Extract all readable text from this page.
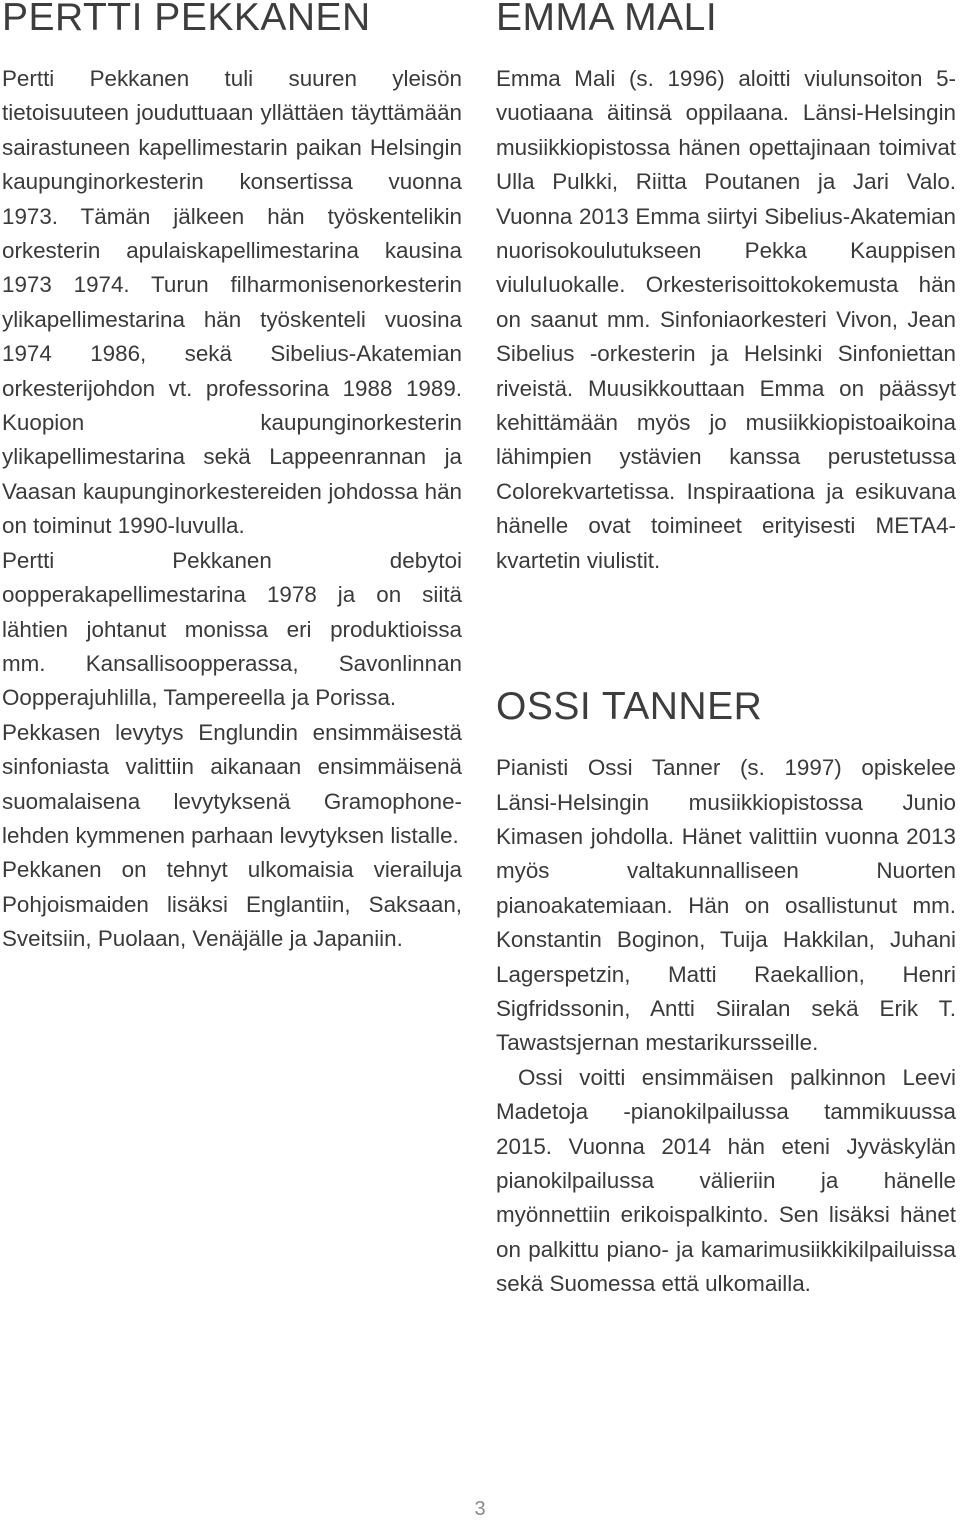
PERTTI PEKKANEN

Pertti Pekkanen tuli suuren yleisön tietoisuuteen jouduttuaan yllättäen täyttämään sairastuneen kapellimestarin paikan Helsingin kaupunginorkesterin konsertissa vuonna 1973. Tämän jälkeen hän työskentelikin orkesterin apulaiskapellimestarina kausina 1973 1974. Turun filharmonisenorkesterin ylikapellimestarina hän työskenteli vuosina 1974 1986, sekä Sibelius-Akatemian orkesterijohdon vt. professorina 1988 1989. Kuopion kaupunginorkesterin ylikapellimestarina sekä Lappeenrannan ja Vaasan kaupunginorkestereiden johdossa hän on toiminut 1990-luvulla.

Pertti Pekkanen debytoi oopperakapellimestarina 1978 ja on siitä lähtien johtanut monissa eri produktioissa mm. Kansallisoopperassa, Savonlinnan Oopperajuhlilla, Tampereella ja Porissa.

Pekkasen levytys Englundin ensimmäisestä sinfoniasta valittiin aikanaan ensimmäisenä suomalaisena levytyksenä Gramophone-lehden kymmenen parhaan levytyksen listalle.

Pekkanen on tehnyt ulkomaisia vierailuja Pohjoismaiden lisäksi Englantiin, Saksaan, Sveitsiin, Puolaan, Venäjälle ja Japaniin.

EMMA MALI

Emma Mali (s. 1996) aloitti viulunsoiton 5-vuotiaana äitinsä oppilaana. Länsi-Helsingin musiikkiopistossa hänen opettajinaan toimivat Ulla Pulkki, Riitta Poutanen ja Jari Valo. Vuonna 2013 Emma siirtyi Sibelius-Akatemian nuorisokoulutukseen Pekka Kauppisen viuluIuokalle. Orkesterisoittokokemusta hän on saanut mm. Sinfoniaorkesteri Vivon, Jean Sibelius -orkesterin ja Helsinki Sinfoniettan riveistä. Muusikkouttaan Emma on päässyt kehittämään myös jo musiikkiopistoaikoina lähimpien ystävien kanssa perustetussa Colorekvartetissa. Inspiraationa ja esikuvana hänelle ovat toimineet erityisesti META4-kvartetin viulistit.

OSSI TANNER

Pianisti Ossi Tanner (s. 1997) opiskelee Länsi-Helsingin musiikkiopistossa Junio Kimasen johdolla. Hänet valittiin vuonna 2013 myös valtakunnalliseen Nuorten pianoakatemiaan. Hän on osallistunut mm. Konstantin Boginon, Tuija Hakkilan, Juhani Lagerspetzin, Matti Raekallion, Henri Sigfridssonin, Antti Siiralan sekä Erik T. Tawastsjernan mestarikursseille.

Ossi voitti ensimmäisen palkinnon Leevi Madetoja -pianokilpailussa tammikuussa 2015. Vuonna 2014 hän eteni Jyväskylän pianokilpailussa välieriin ja hänelle myönnettiin erikoispalkinto. Sen lisäksi hänet on palkittu piano- ja kamarimusiikkikilpailuissa sekä Suomessa että ulkomailla.

3
